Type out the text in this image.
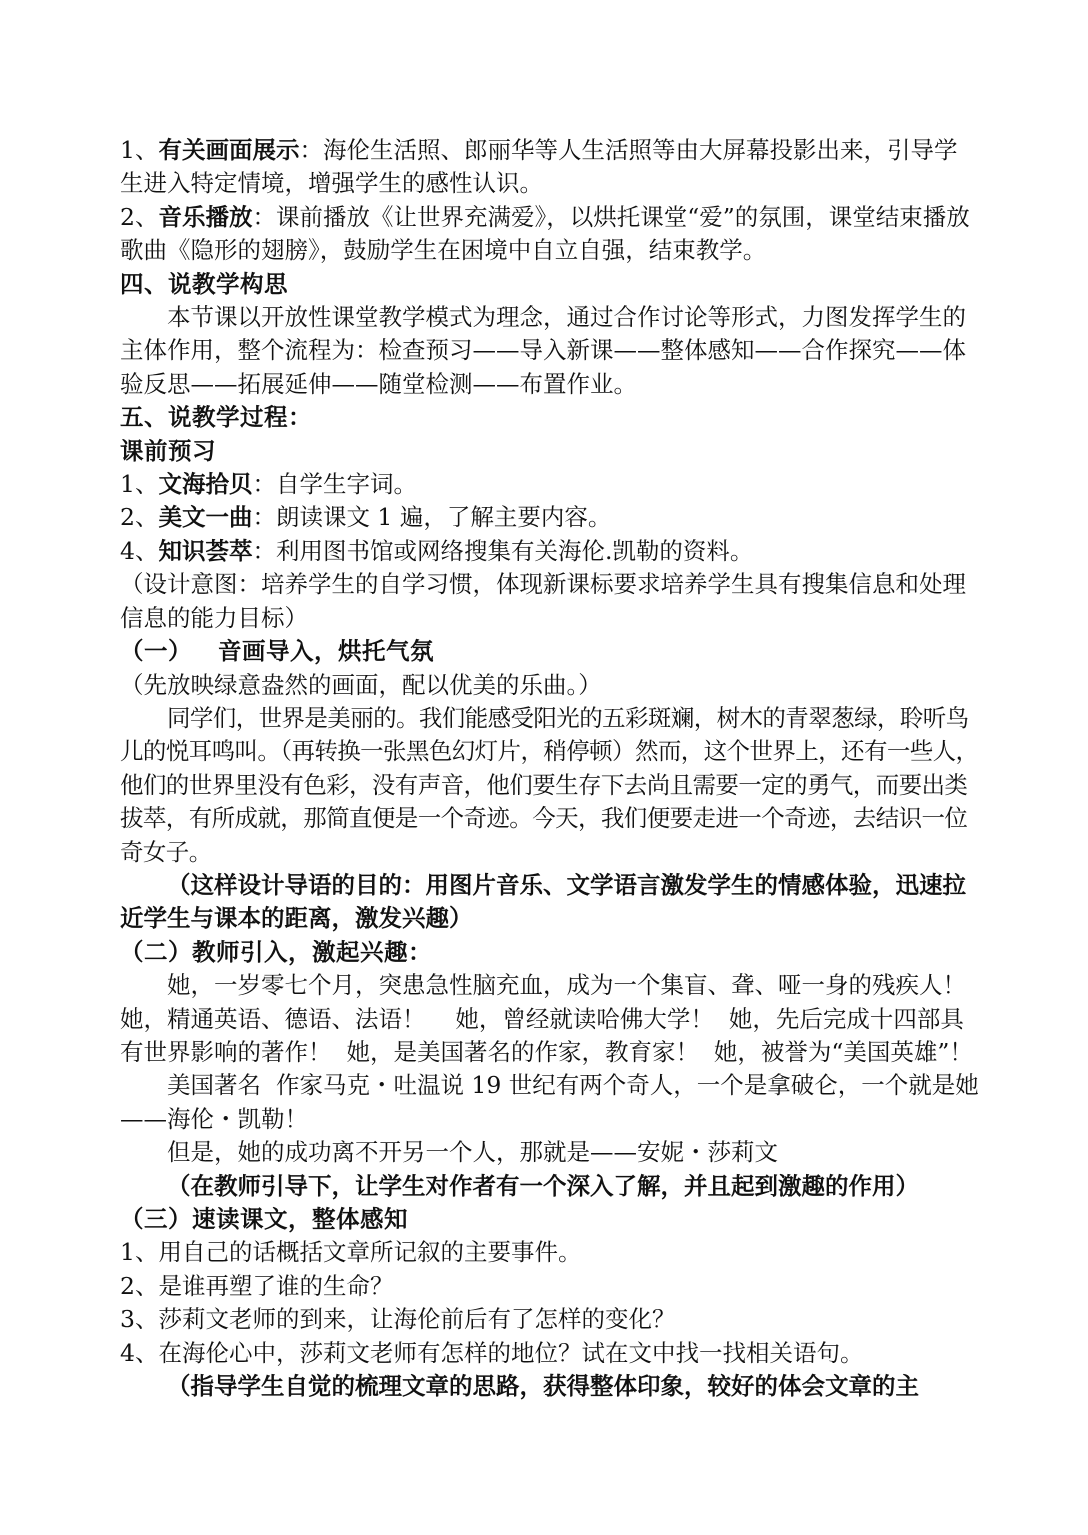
1、有关画面展示：海伦生活照、郎丽华等人生活照等由大屏幕投影出来，引导学生进入特定情境，增强学生的感性认识。

2、音乐播放：课前播放《让世界充满爱》，以烘托课堂“爱”的氛围，课堂结束播放歌曲《隐形的翅膀》，鼓励学生在困境中自立自强，结束教学。

四、说教学构思

本节课以开放性课堂教学模式为理念，通过合作讨论等形式，力图发挥学生的主体作用，整个流程为：检查预习——导入新课——整体感知——合作探究——体验反思——拓展延伸——随堂检测——布置作业。

五、说教学过程：

课前预习

1、文海拾贝：自学生字词。

2、美文一曲：朗读课文 1 遍，了解主要内容。

4、知识荟萃：利用图书馆或网络搜集有关海伦.凯勒的资料。

（设计意图：培养学生的自学习惯，体现新课标要求培养学生具有搜集信息和处理信息的能力目标）

（一）   音画导入，烘托气氛

（先放映绿意盎然的画面，配以优美的乐曲。）

同学们，世界是美丽的。我们能感受阳光的五彩斑斓，树木的青翠葱绿，聆听鸟儿的悦耳鸣叫。（再转换一张黑色幻灯片，稍停顿）然而，这个世界上，还有一些人，他们的世界里没有色彩，没有声音，他们要生存下去尚且需要一定的勇气，而要出类拔萃，有所成就，那简直便是一个奇迹。今天，我们便要走进一个奇迹，去结识一位奇女子。

（这样设计导语的目的：用图片音乐、文学语言激发学生的情感体验，迅速拉近学生与课本的距离，激发兴趣）

（二）教师引入，激起兴趣：

她，一岁零七个月，突患急性脑充血，成为一个集盲、聋、哑一身的残疾人！  她，精通英语、德语、法语！    她，曾经就读哈佛大学！  她，先后完成十四部具有世界影响的著作！  她，是美国著名的作家，教育家！  她，被誉为“美国英雄”！

美国著名  作家马克・吐温说 19 世纪有两个奇人，一个是拿破仑，一个就是她——海伦・凯勒！

但是，她的成功离不开另一个人，那就是——安妮・莎莉文

（在教师引导下，让学生对作者有一个深入了解，并且起到激趣的作用）

（三）速读课文，整体感知

1、用自己的话概括文章所记叙的主要事件。

2、是谁再塑了谁的生命？

3、莎莉文老师的到来，让海伦前后有了怎样的变化？

4、在海伦心中，莎莉文老师有怎样的地位？试在文中找一找相关语句。

（指导学生自觉的梳理文章的思路，获得整体印象，较好的体会文章的主
